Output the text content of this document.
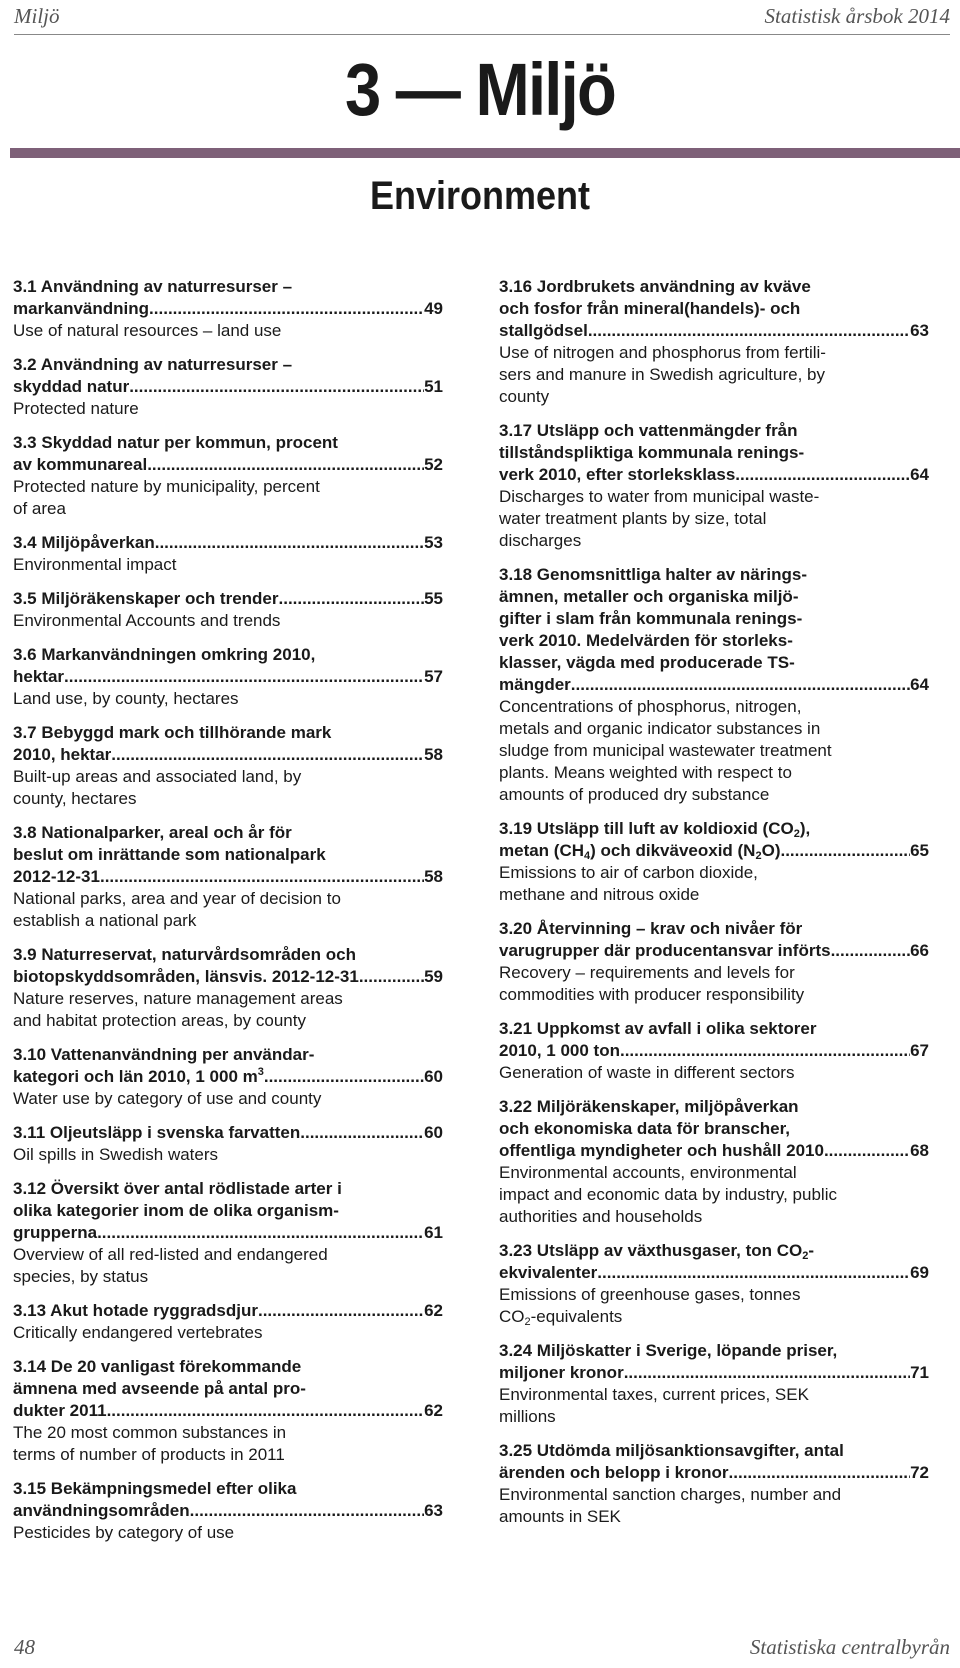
Miljö	Statistisk årsbok 2014
3 — Miljö
Environment
3.1 Användning av naturresurser –
markanvändning .....	49
Use of natural resources – land use
3.2 Användning av naturresurser –
skyddad natur .....	51
Protected nature
3.3 Skyddad natur per kommun, procent
av kommunareal .....	52
Protected nature by municipality, percent
of area
3.4 Miljöpåverkan .....	53
Environmental impact
3.5 Miljöräkenskaper och trender .....	55
Environmental Accounts and trends
3.6 Markanvändningen omkring 2010,
hektar .....	57
Land use, by county, hectares
3.7 Bebyggd mark och tillhörande mark
2010, hektar .....	58
Built-up areas and associated land, by
county, hectares
3.8 Nationalparker, areal och år för
beslut om inrättande som nationalpark
2012-12-31 .....	58
National parks, area and year of decision to
establish a national park
3.9 Naturreservat, naturvårdsområden och
biotopskyddsområden, länsvis. 2012-12-31 .....	59
Nature reserves, nature management areas
and habitat protection areas, by county
3.10 Vattenanvändning per användar-
kategori och län 2010, 1 000 $m^3$ .....	60
Water use by category of use and county
3.11 Oljeutsläpp i svenska farvatten .....	60
Oil spills in Swedish waters
3.12 Översikt över antal rödlistade arter i
olika kategorier inom de olika organism-
grupperna .....	61
Overview of all red-listed and endangered
species, by status
3.13 Akut hotade ryggradsdjur .....	62
Critically endangered vertebrates
3.14 De 20 vanligast förekommande
ämnena med avseende på antal pro-
dukter 2011 .....	62
The 20 most common substances in
terms of number of products in 2011
3.15 Bekämpningsmedel efter olika
användningsområden .....	63
Pesticides by category of use
3.16 Jordbrukets användning av kväve
och fosfor från mineral(handels)- och
stallgödsel .....	63
Use of nitrogen and phosphorus from fertili-
sers and manure in Swedish agriculture, by
county
3.17 Utsläpp och vattenmängder från
tillståndspliktiga kommunala renings-
verk 2010, efter storleksklass .....	64
Discharges to water from municipal waste-
water treatment plants by size, total
discharges
3.18 Genomsnittliga halter av närings-
ämnen, metaller och organiska miljö-
gifter i slam från kommunala renings-
verk 2010. Medelvärden för storleks-
klasser, vägda med producerade TS-
mängder .....	64
Concentrations of phosphorus, nitrogen,
metals and organic indicator substances in
sludge from municipal wastewater treatment
plants. Means weighted with respect to
amounts of produced dry substance
3.19 Utsläpp till luft av koldioxid $(CO_2)$,
metan $(CH_4)$ och dikväveoxid $(N_2O)$ .....	65
Emissions to air of carbon dioxide,
methane and nitrous oxide
3.20 Återvinning – krav och nivåer för
varugrupper där producentansvar införts .....	66
Recovery – requirements and levels for
commodities with producer responsibility
3.21 Uppkomst av avfall i olika sektorer
2010, 1 000 ton .....	67
Generation of waste in different sectors
3.22 Miljöräkenskaper, miljöpåverkan
och ekonomiska data för branscher,
offentliga myndigheter och hushåll 2010 .....	68
Environmental accounts, environmental
impact and economic data by industry, public
authorities and households
3.23 Utsläpp av växthusgaser, ton $CO_2-$
ekvivalenter .....	69
Emissions of greenhouse gases, tonnes
$CO_2$-equivalents
3.24 Miljöskatter i Sverige, löpande priser,
miljoner kronor .....	71
Environmental taxes, current prices, SEK
millions
3.25 Utdömda miljösanktionsavgifter, antal
ärenden och belopp i kronor .....	72
Environmental sanction charges, number and
amounts in SEK
48	Statistiska centralbyrån
